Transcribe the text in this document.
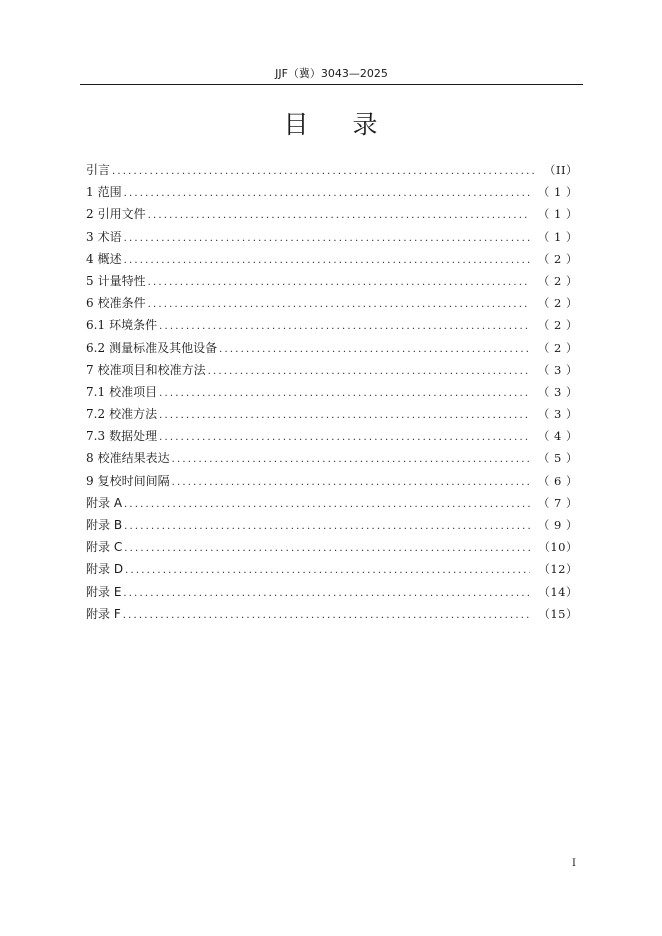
JJF（冀）3043—2025
目 录
引言 .....	（II）
1 范围 .....	（ 1 ）
2 引用文件 .....	（ 1 ）
3 术语 .....	（ 1 ）
4 概述 .....	（ 2 ）
5 计量特性 .....	（ 2 ）
6 校准条件 .....	（ 2 ）
6.1 环境条件 .....	（ 2 ）
6.2 测量标准及其他设备 .....	（ 2 ）
7 校准项目和校准方法 .....	（ 3 ）
7.1 校准项目 .....	（ 3 ）
7.2 校准方法 .....	（ 3 ）
7.3 数据处理 .....	（ 4 ）
8 校准结果表达 .....	（ 5 ）
9 复校时间间隔 .....	（ 6 ）
附录 A .....	（ 7 ）
附录 B .....	（ 9 ）
附录 C .....	（10）
附录 D .....	（12）
附录 E .....	（14）
附录 F .....	（15）
I
